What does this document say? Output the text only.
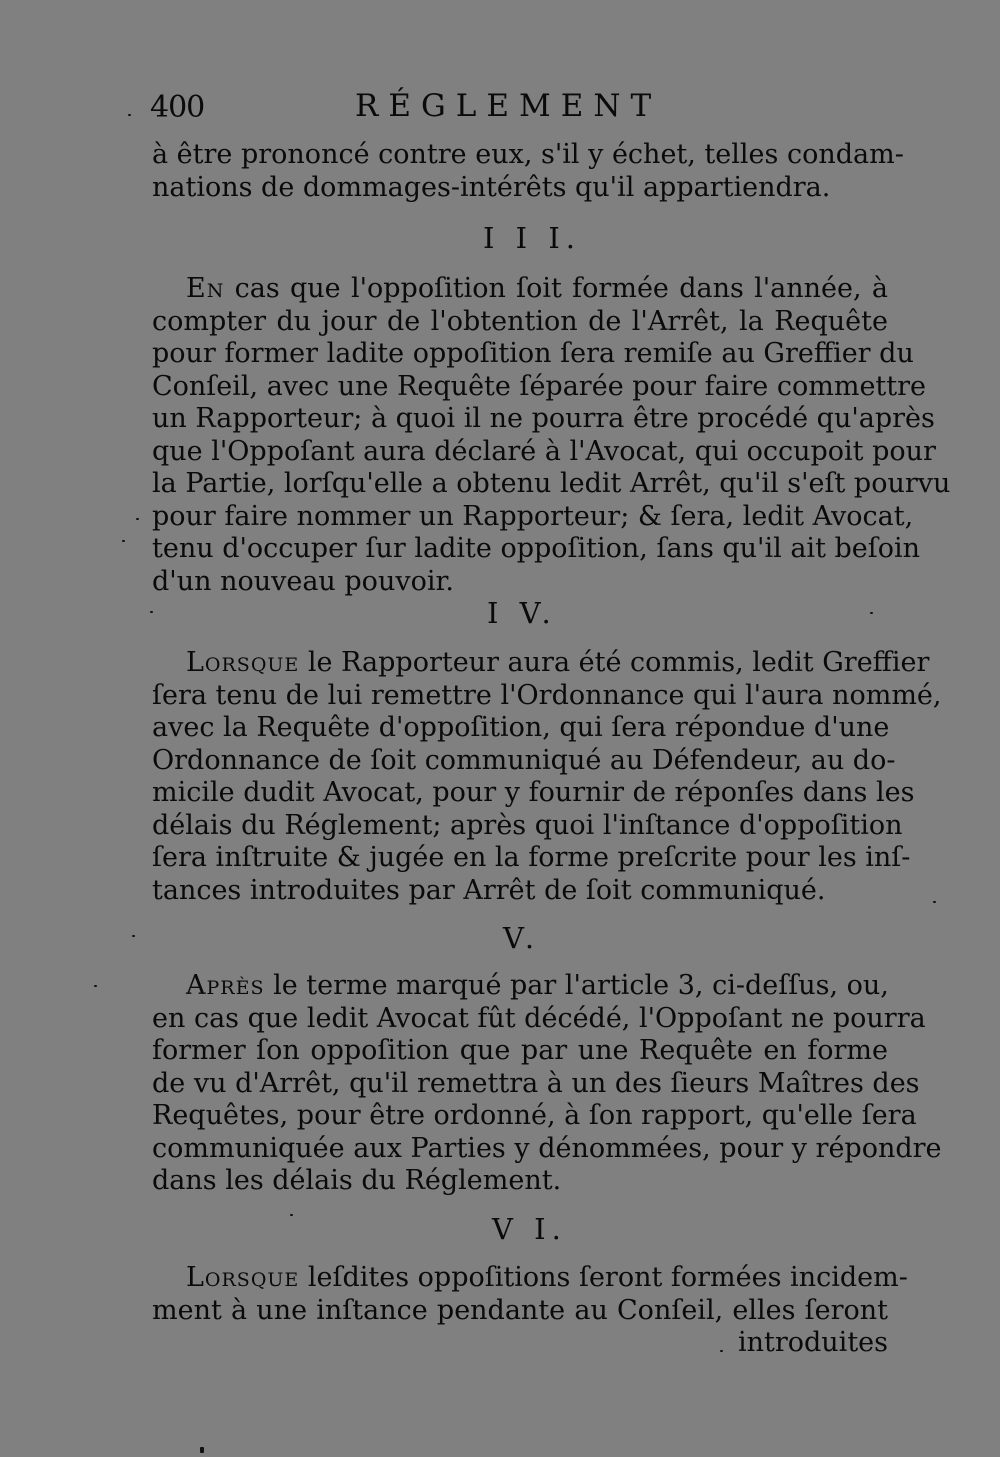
400	RÉGLEMENT
à être prononcé contre eux, s'il y échet, telles condam-
nations de dommages-intérêts qu'il appartiendra.
I I I.
En cas que l'oppoſition ſoit formée dans l'année, à
compter du jour de l'obtention de l'Arrêt, la Requête
pour former ladite oppoſition ſera remiſe au Greffier du
Conſeil, avec une Requête ſéparée pour faire commettre
un Rapporteur; à quoi il ne pourra être procédé qu'après
que l'Oppoſant aura déclaré à l'Avocat, qui occupoit pour
la Partie, lorſqu'elle a obtenu ledit Arrêt, qu'il s'eſt pourvu
pour faire nommer un Rapporteur; & ſera, ledit Avocat,
tenu d'occuper ſur ladite oppoſition, ſans qu'il ait beſoin
d'un nouveau pouvoir.
I V.
Lorsque le Rapporteur aura été commis, ledit Greffier
ſera tenu de lui remettre l'Ordonnance qui l'aura nommé,
avec la Requête d'oppoſition, qui ſera répondue d'une
Ordonnance de ſoit communiqué au Défendeur, au do-
micile dudit Avocat, pour y fournir de réponſes dans les
délais du Réglement; après quoi l'inſtance d'oppoſition
ſera inſtruite & jugée en la forme preſcrite pour les inſ-
tances introduites par Arrêt de ſoit communiqué.
V.
Après le terme marqué par l'article 3, ci-deſſus, ou,
en cas que ledit Avocat fût décédé, l'Oppoſant ne pourra
former ſon oppoſition que par une Requête en forme
de vu d'Arrêt, qu'il remettra à un des ſieurs Maîtres des
Requêtes, pour être ordonné, à ſon rapport, qu'elle ſera
communiquée aux Parties y dénommées, pour y répondre
dans les délais du Réglement.
V I.
Lorsque leſdites oppoſitions ſeront formées incidem-
ment à une inſtance pendante au Conſeil, elles ſeront
introduites
